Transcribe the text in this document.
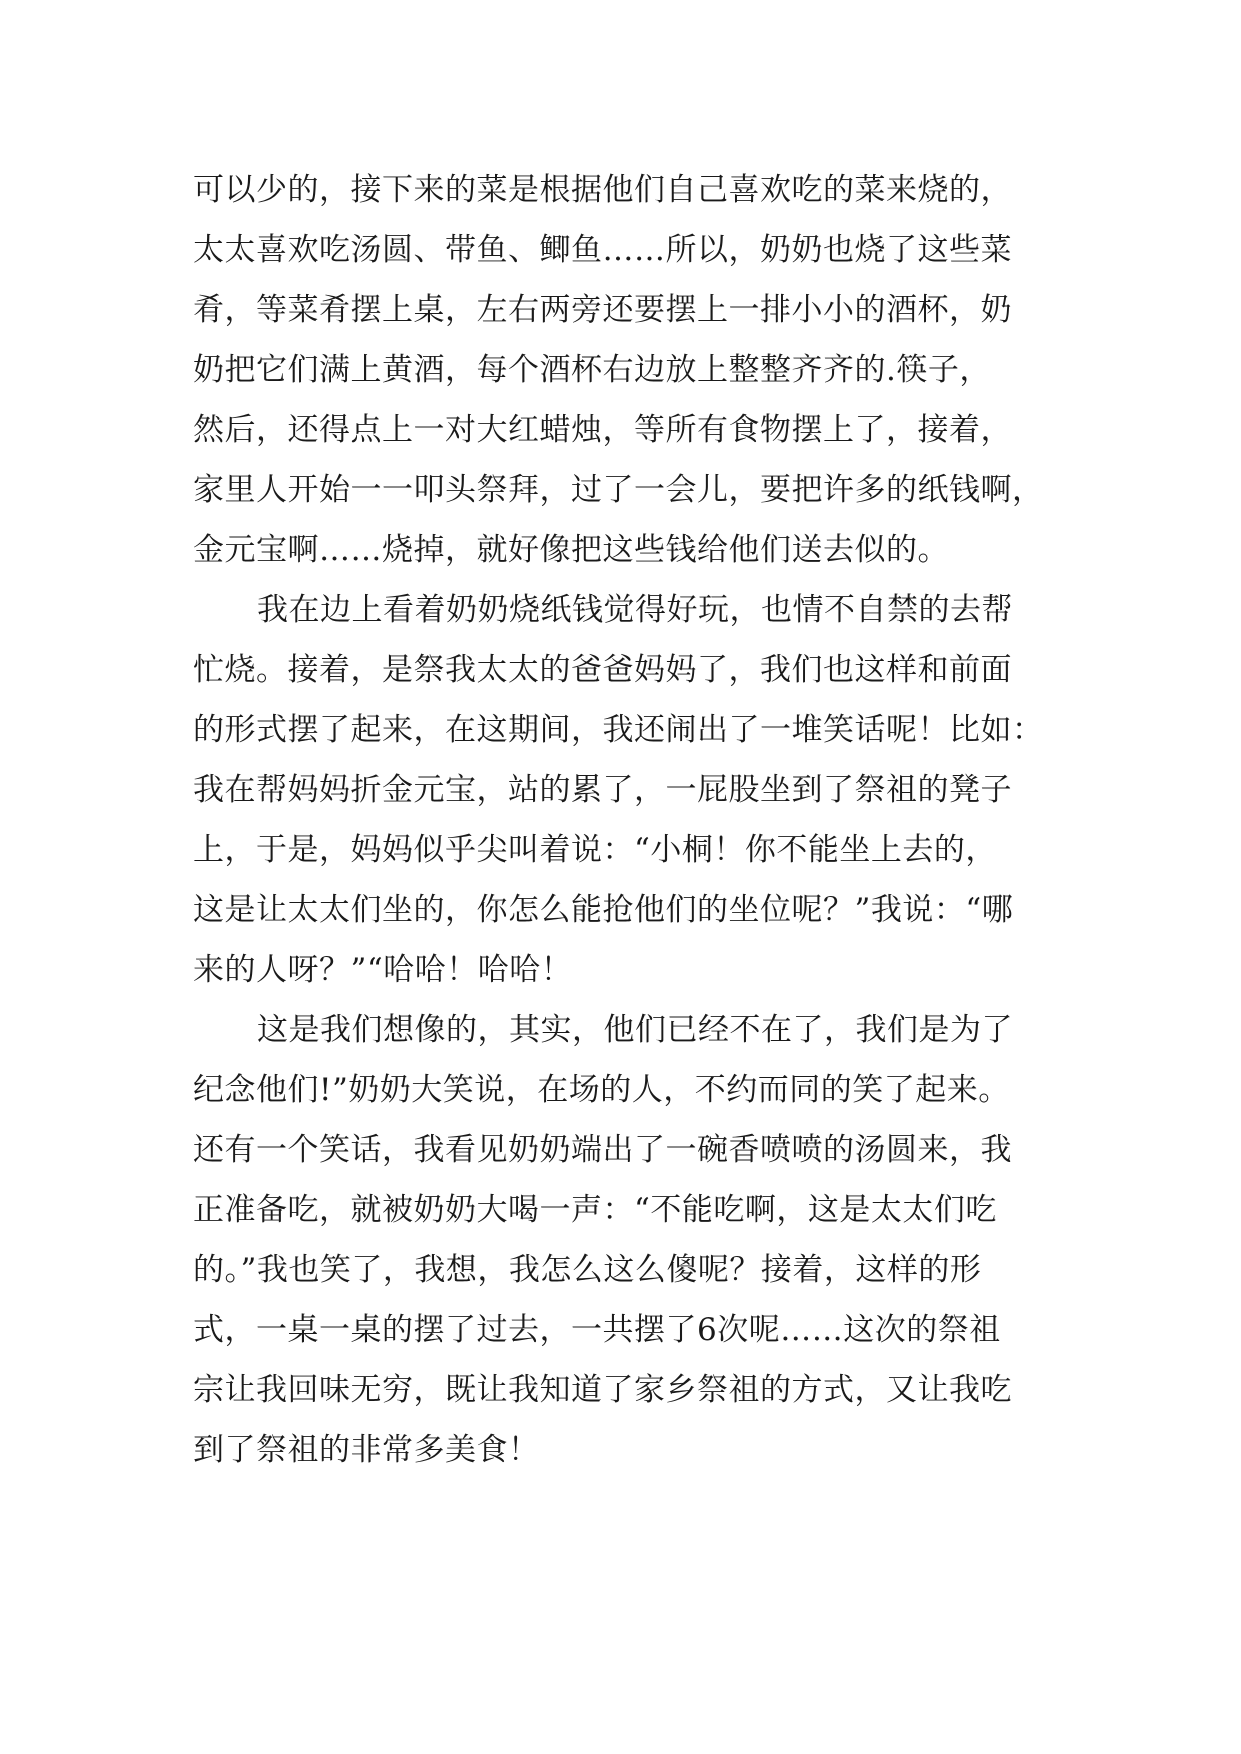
可以少的，接下来的菜是根据他们自己喜欢吃的菜来烧的，
太太喜欢吃汤圆、带鱼、鲫鱼……所以，奶奶也烧了这些菜
肴，等菜肴摆上桌，左右两旁还要摆上一排小小的酒杯，奶
奶把它们满上黄酒，每个酒杯右边放上整整齐齐的.筷子，
然后，还得点上一对大红蜡烛，等所有食物摆上了，接着，
家里人开始一一叩头祭拜，过了一会儿，要把许多的纸钱啊，
金元宝啊……烧掉，就好像把这些钱给他们送去似的。
我在边上看着奶奶烧纸钱觉得好玩，也情不自禁的去帮
忙烧。接着，是祭我太太的爸爸妈妈了，我们也这样和前面
的形式摆了起来，在这期间，我还闹出了一堆笑话呢！比如：
我在帮妈妈折金元宝，站的累了，一屁股坐到了祭祖的凳子
上，于是，妈妈似乎尖叫着说：“小桐！你不能坐上去的，
这是让太太们坐的，你怎么能抢他们的坐位呢？”我说：“哪
来的人呀？”“哈哈！哈哈！
这是我们想像的，其实，他们已经不在了，我们是为了
纪念他们!”奶奶大笑说，在场的人，不约而同的笑了起来。
还有一个笑话，我看见奶奶端出了一碗香喷喷的汤圆来，我
正准备吃，就被奶奶大喝一声：“不能吃啊，这是太太们吃
的。”我也笑了，我想，我怎么这么傻呢？接着，这样的形
式，一桌一桌的摆了过去，一共摆了6次呢……这次的祭祖
宗让我回味无穷，既让我知道了家乡祭祖的方式，又让我吃
到了祭祖的非常多美食！
